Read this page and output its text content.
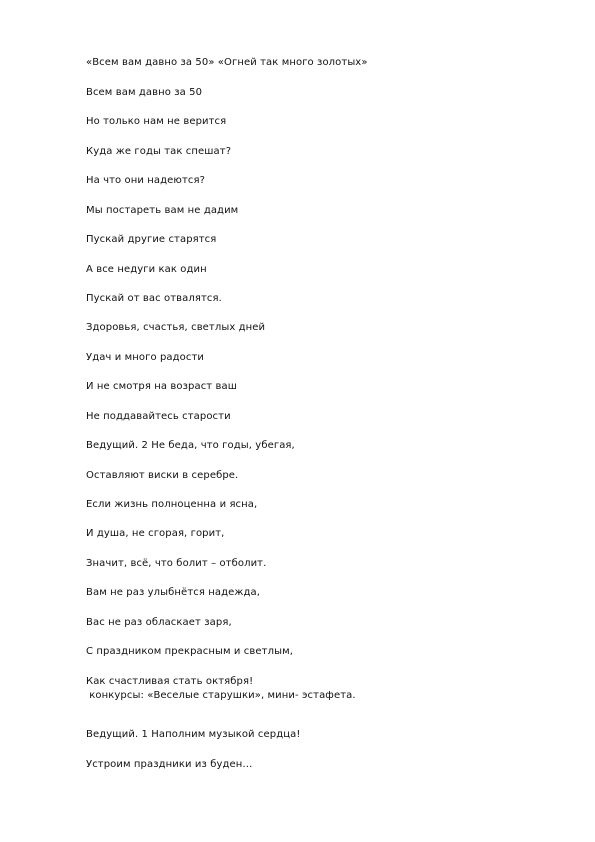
«Всем вам давно за 50» «Огней так много золотых»
Всем вам давно за 50
Но только нам не верится
Куда же годы так спешат?
На что они надеются?
Мы постареть вам не дадим
Пускай другие старятся
А все недуги как один
Пускай от вас отвалятся.
Здоровья, счастья, светлых дней
Удач и много радости
И не смотря на возраст ваш
Не поддавайтесь старости
Ведущий. 2 Не беда, что годы, убегая,
Оставляют виски в серебре.
Если жизнь полноценна и ясна,
И душа, не сгорая, горит,
Значит, всё, что болит – отболит.
Вам не раз улыбнётся надежда,
Вас не раз обласкает заря,
С праздником прекрасным и светлым,
Как счастливая стать октября!
конкурсы: «Веселые старушки», мини- эстафета.
Ведущий. 1 Наполним музыкой сердца!
Устроим праздники из буден…
